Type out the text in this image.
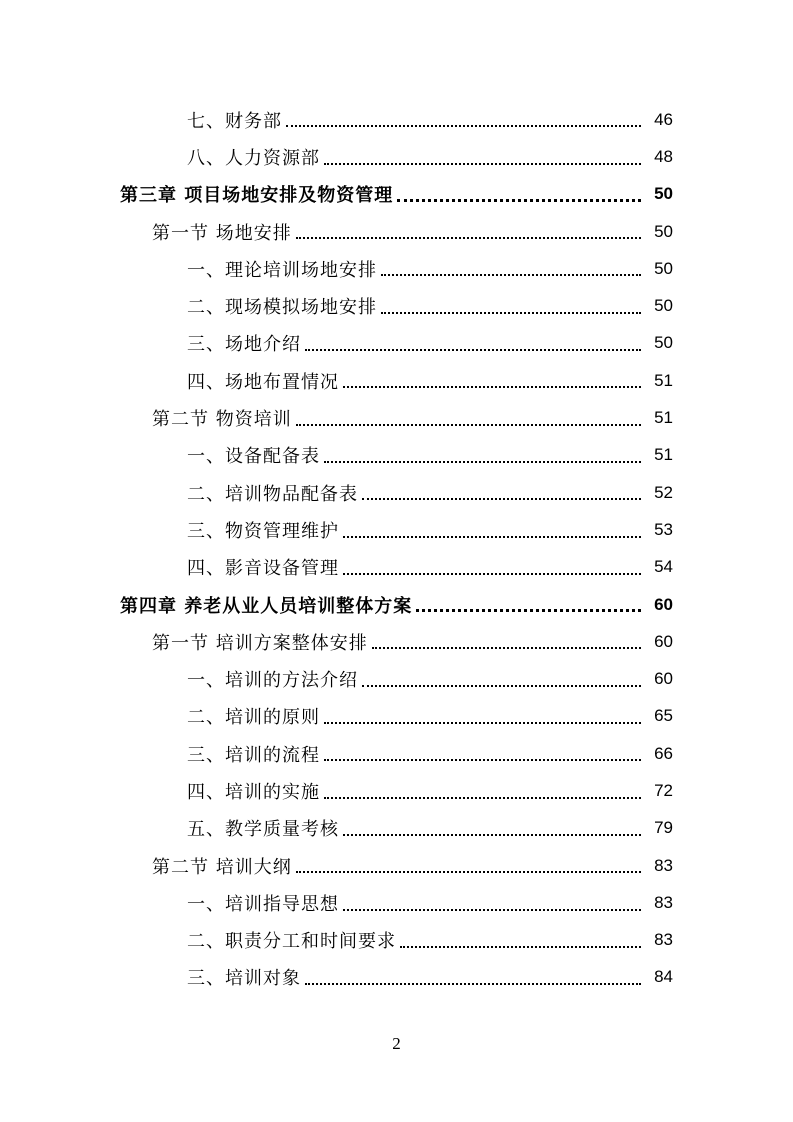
七、财务部	46
八、人力资源部	48
第三章 项目场地安排及物资管理	50
第一节 场地安排	50
一、理论培训场地安排	50
二、现场模拟场地安排	50
三、场地介绍	50
四、场地布置情况	51
第二节 物资培训	51
一、设备配备表	51
二、培训物品配备表	52
三、物资管理维护	53
四、影音设备管理	54
第四章 养老从业人员培训整体方案	60
第一节 培训方案整体安排	60
一、培训的方法介绍	60
二、培训的原则	65
三、培训的流程	66
四、培训的实施	72
五、教学质量考核	79
第二节 培训大纲	83
一、培训指导思想	83
二、职责分工和时间要求	83
三、培训对象	84
2
